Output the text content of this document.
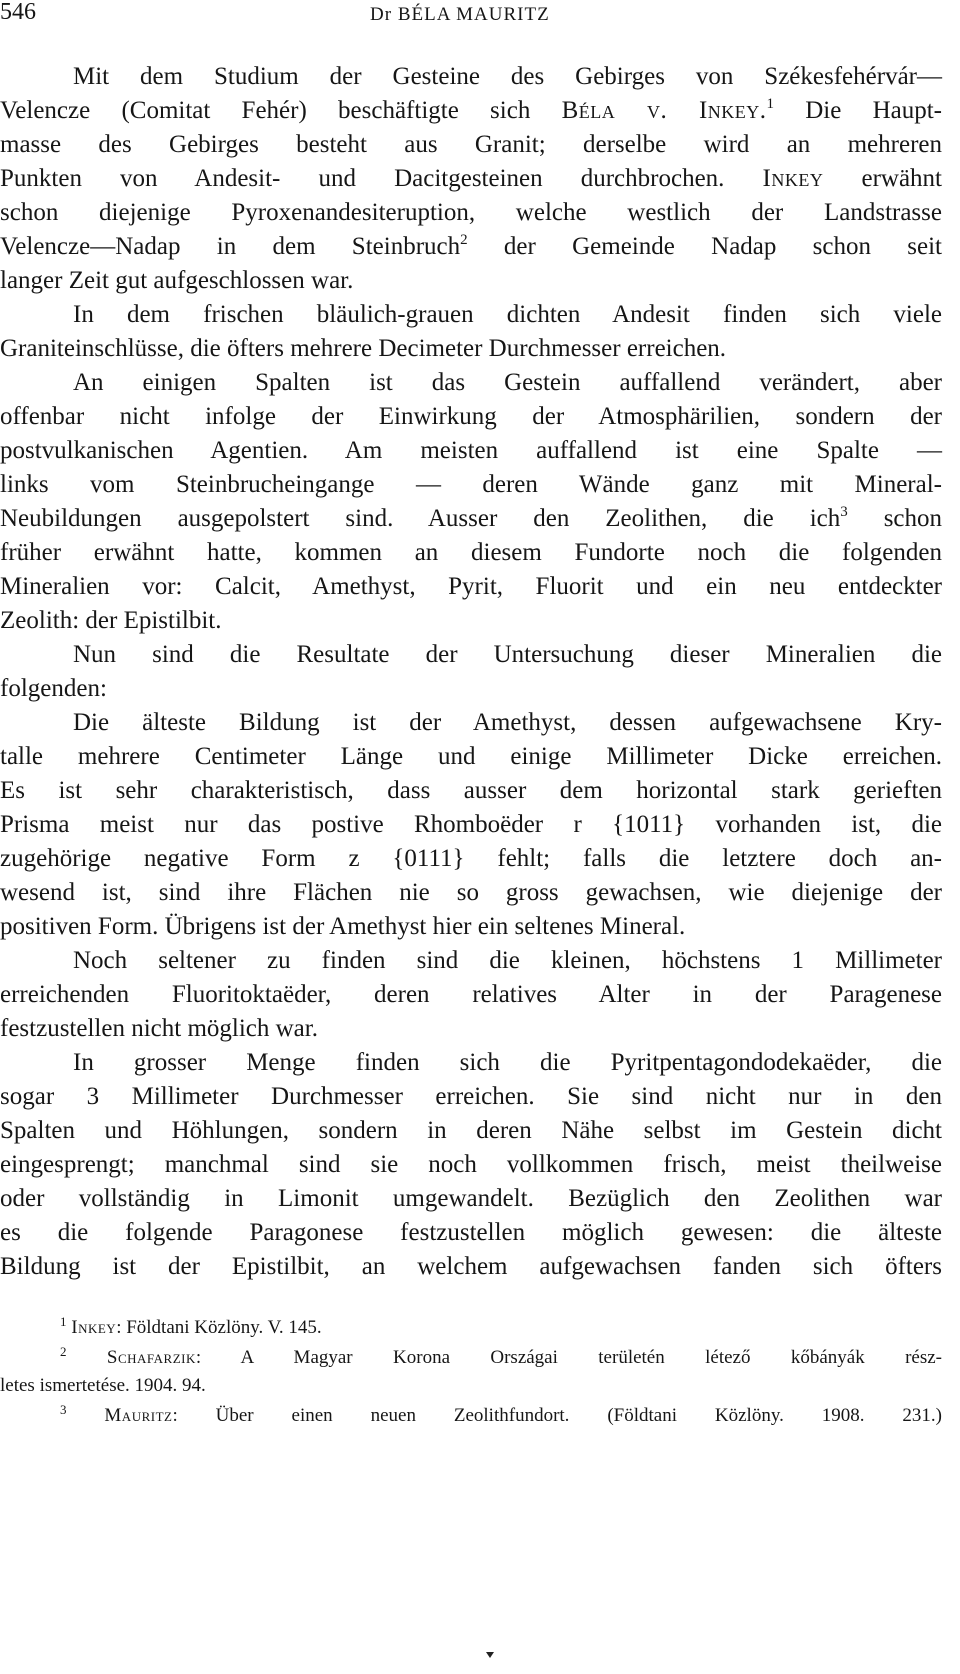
546	Dr BÉLA MAURITZ
Mit dem Studium der Gesteine des Gebirges von Székesfehérvár—
Velencze (Comitat Fehér) beschäftigte sich Béla v. Inkey.$^1$ Die Haupt-
masse des Gebirges besteht aus Granit; derselbe wird an mehreren
Punkten von Andesit- und Dacitgesteinen durchbrochen. Inkey erwähnt
schon diejenige Pyroxenandesiteruption, welche westlich der Landstrasse
Velencze—Nadap in dem Steinbruch$^2$ der Gemeinde Nadap schon seit
langer Zeit gut aufgeschlossen war.
In dem frischen bläulich-grauen dichten Andesit finden sich viele
Graniteinschlüsse, die öfters mehrere Decimeter Durchmesser erreichen.
An einigen Spalten ist das Gestein auffallend verändert, aber
offenbar nicht infolge der Einwirkung der Atmosphärilien, sondern der
postvulkanischen Agentien. Am meisten auffallend ist eine Spalte —
links vom Steinbrucheingange — deren Wände ganz mit Mineral-
Neubildungen ausgepolstert sind. Ausser den Zeolithen, die ich$^3$ schon
früher erwähnt hatte, kommen an diesem Fundorte noch die folgenden
Mineralien vor: Calcit, Amethyst, Pyrit, Fluorit und ein neu entdeckter
Zeolith: der Epistilbit.
Nun sind die Resultate der Untersuchung dieser Mineralien die
folgenden:
Die älteste Bildung ist der Amethyst, dessen aufgewachsene Kry-
talle mehrere Centimeter Länge und einige Millimeter Dicke erreichen.
Es ist sehr charakteristisch, dass ausser dem horizontal stark gerieften
Prisma meist nur das postive Rhomboëder r {1011} vorhanden ist, die
zugehörige negative Form z {0111} fehlt; falls die letztere doch an-
wesend ist, sind ihre Flächen nie so gross gewachsen, wie diejenige der
positiven Form. Übrigens ist der Amethyst hier ein seltenes Mineral.
Noch seltener zu finden sind die kleinen, höchstens 1 Millimeter
erreichenden Fluoritoktaëder, deren relatives Alter in der Paragenese
festzustellen nicht möglich war.
In grosser Menge finden sich die Pyritpentagondodekaëder, die
sogar 3 Millimeter Durchmesser erreichen. Sie sind nicht nur in den
Spalten und Höhlungen, sondern in deren Nähe selbst im Gestein dicht
eingesprengt; manchmal sind sie noch vollkommen frisch, meist theilweise
oder vollständig in Limonit umgewandelt. Bezüglich den Zeolithen war
es die folgende Paragonese festzustellen möglich gewesen: die älteste
Bildung ist der Epistilbit, an welchem aufgewachsen fanden sich öfters
$^1$ Inkey: Földtani Közlöny. V. 145.
$^2$ Schafarzik: A Magyar Korona Országai területén létező kőbányák rész-
letes ismertetése. 1904. 94.
$^3$ Mauritz: Über einen neuen Zeolithfundort. (Földtani Közlöny. 1908. 231.)
